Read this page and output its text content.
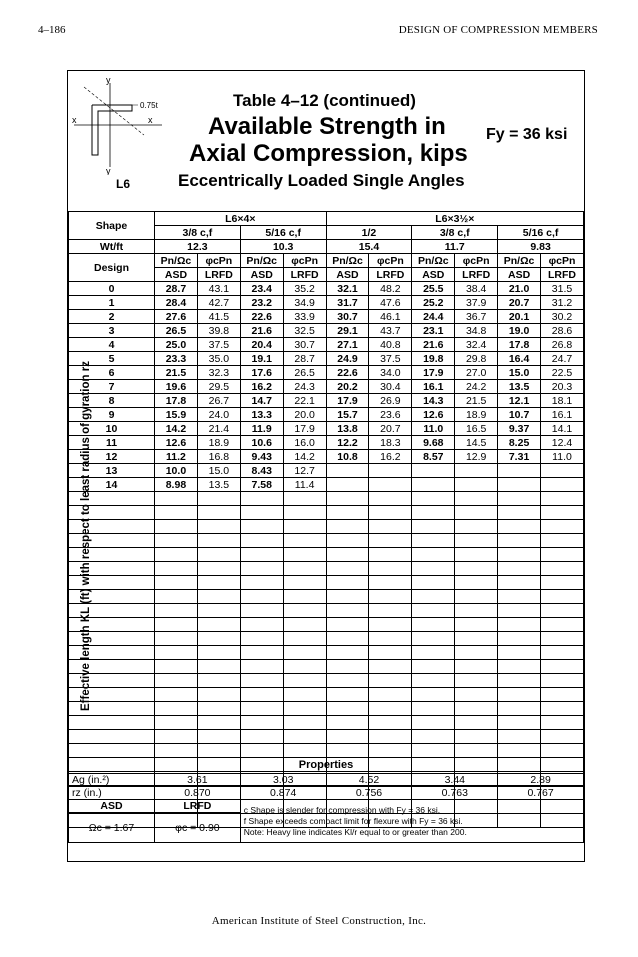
4–186	DESIGN OF COMPRESSION MEMBERS
y
y
x	x
0.75t	Table 4–12 (continued)
Available Strength in
Axial Compression, kips
Eccentrically Loaded Single Angles
Fy = 36 ksi
L6
Shape	L6×4×				L6×3½×					
	3/8 c,f		5/16 c,f		1/2		3/8 c,f		5/16 c,f	
Wt/ft	12.3		10.3		15.4		11.7		9.83	
Design	Pn/Ωc	φcPn	Pn/Ωc	φcPn	Pn/Ωc	φcPn	Pn/Ωc	φcPn	Pn/Ωc	φcPn
	ASD	LRFD	ASD	LRFD	ASD	LRFD	ASD	LRFD	ASD	LRFD
0	28.7	43.1	23.4	35.2	32.1	48.2	25.5	38.4	21.0	31.5
1	28.4	42.7	23.2	34.9	31.7	47.6	25.2	37.9	20.7	31.2
2	27.6	41.5	22.6	33.9	30.7	46.1	24.4	36.7	20.1	30.2
3	26.5	39.8	21.6	32.5	29.1	43.7	23.1	34.8	19.0	28.6
4	25.0	37.5	20.4	30.7	27.1	40.8	21.6	32.4	17.8	26.8
5	23.3	35.0	19.1	28.7	24.9	37.5	19.8	29.8	16.4	24.7
6	21.5	32.3	17.6	26.5	22.6	34.0	17.9	27.0	15.0	22.5
7	19.6	29.5	16.2	24.3	20.2	30.4	16.1	24.2	13.5	20.3
8	17.8	26.7	14.7	22.1	17.9	26.9	14.3	21.5	12.1	18.1
9	15.9	24.0	13.3	20.0	15.7	23.6	12.6	18.9	10.7	16.1
10	14.2	21.4	11.9	17.9	13.8	20.7	11.0	16.5	9.37	14.1
11	12.6	18.9	10.6	16.0	12.2	18.3	9.68	14.5	8.25	12.4
12	11.2	16.8	9.43	14.2	10.8	16.2	8.57	12.9	7.31	11.0
13	10.0	15.0	8.43	12.7						
14	8.98	13.5	7.58	11.4						

Effective length KL (ft) with respect to least radius of gyration rz
Properties
Ag (in.²)	3.61	3.03	4.52	3.44	2.89
rz (in.)	0.870	0.874	0.756	0.763	0.767
ASD	LRFD	c Shape is slender for compression with Fy = 36 ksi.
f Shape exceeds compact limit for flexure with Fy = 36 ksi.
Note: Heavy line indicates Kl/r equal to or greater than 200.			

Ωc = 1.67	φc = 0.90				
American Institute of Steel Construction, Inc.
